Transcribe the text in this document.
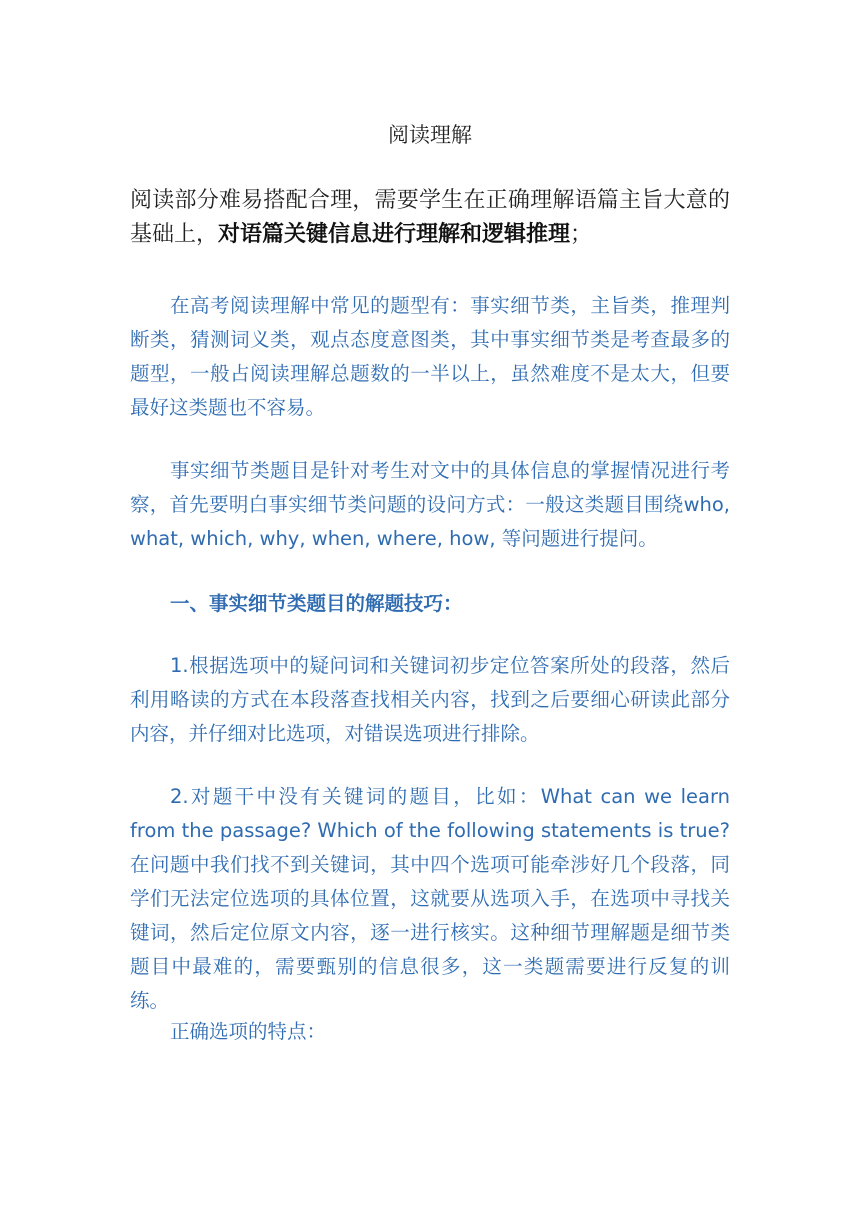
阅读理解
阅读部分难易搭配合理，需要学生在正确理解语篇主旨大意的基础上，对语篇关键信息进行理解和逻辑推理；
在高考阅读理解中常见的题型有：事实细节类，主旨类，推理判断类，猜测词义类，观点态度意图类，其中事实细节类是考查最多的题型，一般占阅读理解总题数的一半以上，虽然难度不是太大，但要最好这类题也不容易。
事实细节类题目是针对考生对文中的具体信息的掌握情况进行考察，首先要明白事实细节类问题的设问方式：一般这类题目围绕who, what, which, why, when, where, how, 等问题进行提问。
一、事实细节类题目的解题技巧：
1.根据选项中的疑问词和关键词初步定位答案所处的段落，然后利用略读的方式在本段落查找相关内容，找到之后要细心研读此部分内容，并仔细对比选项，对错误选项进行排除。
2.对题干中没有关键词的题目，比如：What can we learn from the passage? Which of the following statements is true? 在问题中我们找不到关键词，其中四个选项可能牵涉好几个段落，同学们无法定位选项的具体位置，这就要从选项入手，在选项中寻找关键词，然后定位原文内容，逐一进行核实。这种细节理解题是细节类题目中最难的，需要甄别的信息很多，这一类题需要进行反复的训练。
正确选项的特点：
